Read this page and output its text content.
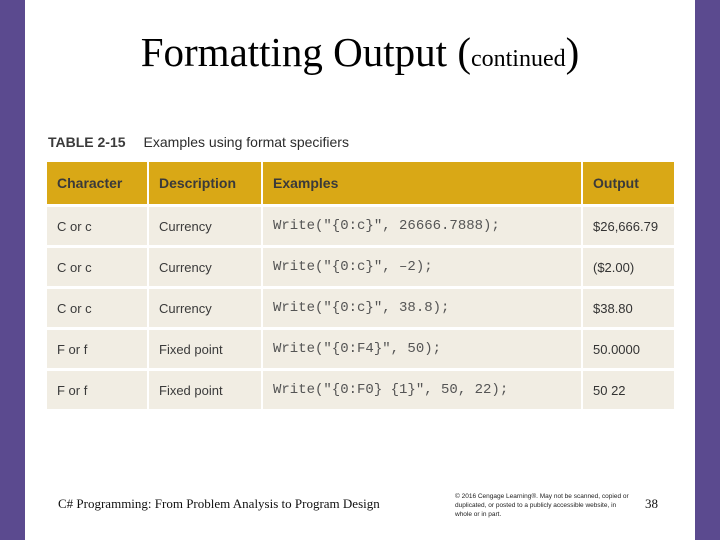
Formatting Output (continued)
TABLE 2-15 Examples using format specifiers
Character	Description	Examples	Output
C or c	Currency	Write("{0:c}", 26666.7888);	$26,666.79
C or c	Currency	Write("{0:c}", –2);	($2.00)
C or c	Currency	Write("{0:c}", 38.8);	$38.80
F or f	Fixed point	Write("{0:F4}", 50);	50.0000
F or f	Fixed point	Write("{0:F0} {1}", 50, 22);	50 22
C# Programming: From Problem Analysis to Program Design	© 2016 Cengage Learning®. May not be scanned, copied or duplicated, or posted to a publicly accessible website, in whole or in part.
38
